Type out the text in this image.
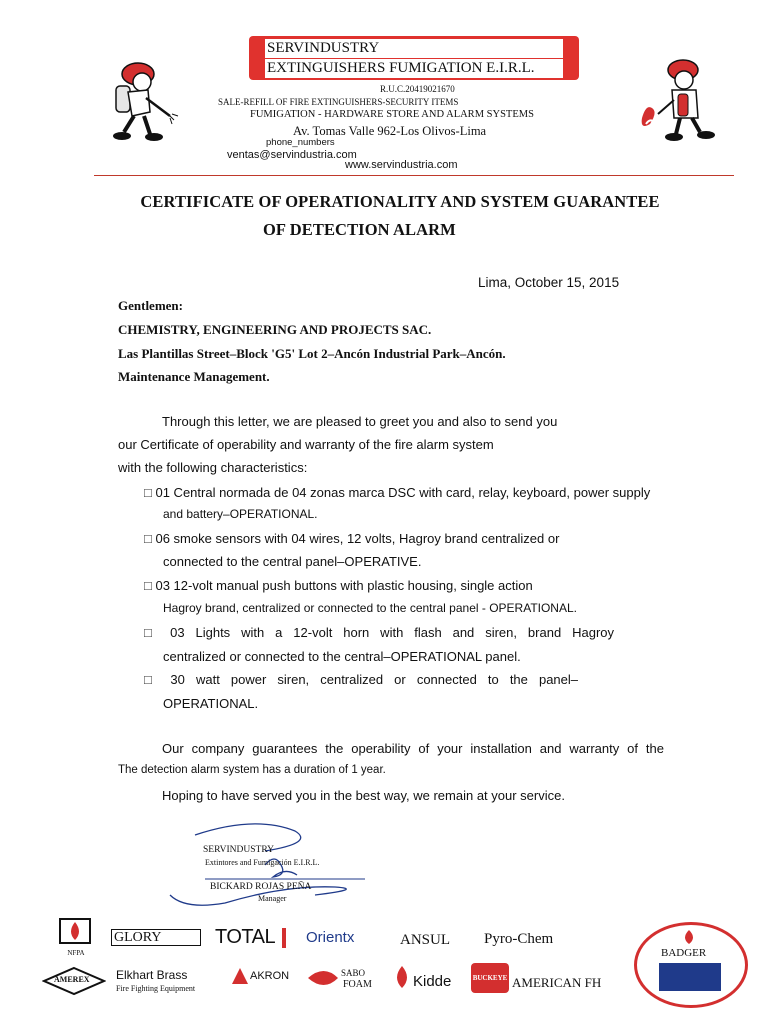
SERVINDUSTRY
EXTINGUISHERS FUMIGATION E.I.R.L.
R.U.C.20419021670
SALE-REFILL OF FIRE EXTINGUISHERS-SECURITY ITEMS
FUMIGATION - HARDWARE STORE AND ALARM SYSTEMS
Av. Tomas Valle 962-Los Olivos-Lima
phone_numbers
ventas@servindustria.com
www.servindustria.com
CERTIFICATE OF OPERATIONALITY AND SYSTEM GUARANTEE
OF DETECTION ALARM
Lima, October 15, 2015
Gentlemen:
CHEMISTRY, ENGINEERING AND PROJECTS SAC.
Las Plantillas Street–Block 'G5' Lot 2–Ancón Industrial Park–Ancón.
Maintenance Management.
Through this letter, we are pleased to greet you and also to send you
our Certificate of operability and warranty of the fire alarm system
with the following characteristics:
□ 01 Central normada de 04 zonas marca DSC with card, relay, keyboard, power supply
and battery–OPERATIONAL.
□ 06 smoke sensors with 04 wires, 12 volts, Hagroy brand centralized or
connected to the central panel–OPERATIVE.
□ 03 12-volt manual push buttons with plastic housing, single action
Hagroy brand, centralized or connected to the central panel - OPERATIONAL.
□ 03 Lights with a 12-volt horn with flash and siren, brand Hagroy
centralized or connected to the central–OPERATIONAL panel.
□ 30 watt power siren, centralized or connected to the panel–
OPERATIONAL.
Our company guarantees the operability of your installation and warranty of the
The detection alarm system has a duration of 1 year.
Hoping to have served you in the best way, we remain at your service.
SERVINDUSTRY
Extintores and Fumigación E.I.R.L.
BICKARD ROJAS PEÑA
Manager
NFPA
GLORY	TOTAL Orientx	ANSUL Pyro-Chem
AMEREX Elkhart Brass
Fire Fighting Equipment
AKRON	SABO
FOAM	Kidde	BUCKEYE AMERICAN FH
BADGER
